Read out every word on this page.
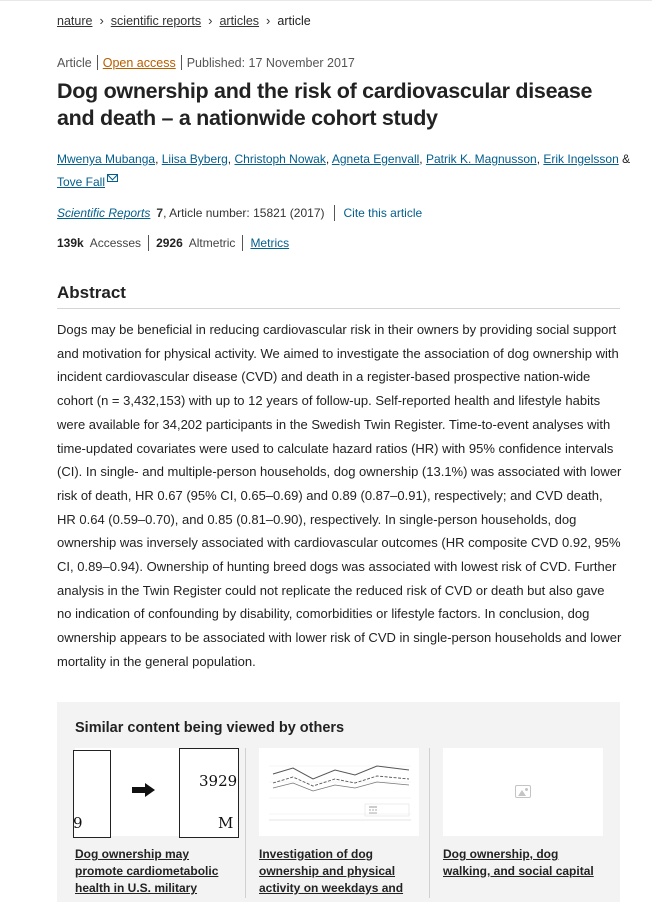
nature › scientific reports › articles › article
Article Open access Published: 17 November 2017
Dog ownership and the risk of cardiovascular disease and death – a nationwide cohort study
Mwenya Mubanga, Liisa Byberg, Christoph Nowak, Agneta Egenvall, Patrik K. Magnusson, Erik Ingelsson &
Tove Fall
Scientific Reports 7 , Article number: 15821 (2017) Cite this article
139k Accesses 2926 Altmetric Metrics
Abstract

Dogs may be beneficial in reducing cardiovascular risk in their owners by providing social support and motivation for physical activity. We aimed to investigate the association of dog ownership with incident cardiovascular disease (CVD) and death in a register-based prospective nation-wide cohort (n = 3,432,153) with up to 12 years of follow-up. Self-reported health and lifestyle habits were available for 34,202 participants in the Swedish Twin Register. Time-to-event analyses with time-updated covariates were used to calculate hazard ratios (HR) with 95% confidence intervals (CI). In single- and multiple-person households, dog ownership (13.1%) was associated with lower risk of death, HR 0.67 (95% CI, 0.65–0.69) and 0.89 (0.87–0.91), respectively; and CVD death, HR 0.64 (0.59–0.70), and 0.85 (0.81–0.90), respectively. In single-person households, dog ownership was inversely associated with cardiovascular outcomes (HR composite CVD 0.92, 95% CI, 0.89–0.94). Ownership of hunting breed dogs was associated with lowest risk of CVD. Further analysis in the Twin Register could not replicate the reduced risk of CVD or death but also gave no indication of confounding by disability, comorbidities or lifestyle factors. In conclusion, dog ownership appears to be associated with lower risk of CVD in single-person households and lower mortality in the general population.

Similar content being viewed by others
9
3929
M
Dog ownership may promote cardiometabolic health in U.S. military
Investigation of dog ownership and physical activity on weekdays and
Dog ownership, dog walking, and social capital
